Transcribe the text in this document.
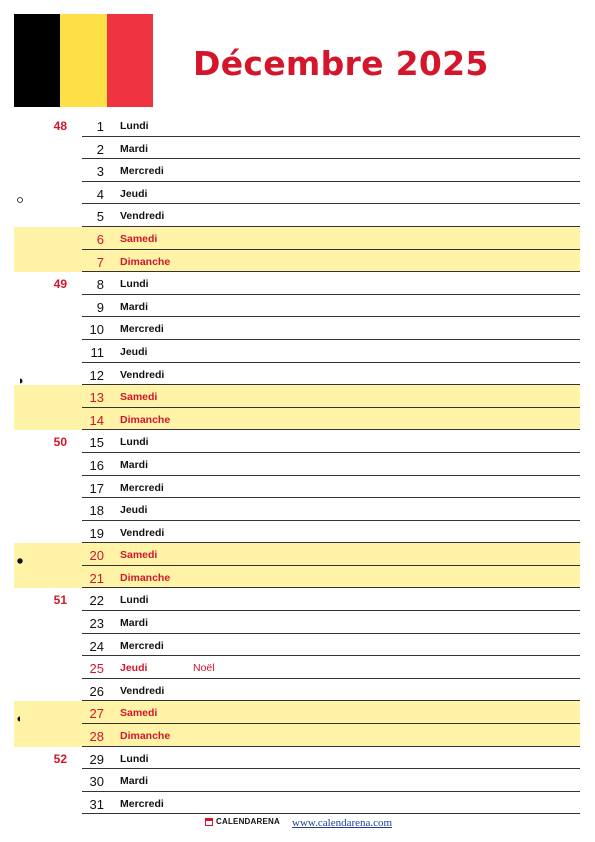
Décembre 2025
48	1 Lundi
2 Mardi
3 Mercredi
4 Jeudi
5 Vendredi
6 Samedi
7 Dimanche
49	8 Lundi
9 Mardi
10 Mercredi
11 Jeudi
12 Vendredi
13 Samedi
14 Dimanche
50	15 Lundi
16 Mardi
17 Mercredi
18 Jeudi
19 Vendredi
20 Samedi
21 Dimanche
51	22 Lundi
23 Mardi
24 Mercredi
25 Jeudi	Noël
26 Vendredi
27 Samedi
28 Dimanche
52	29 Lundi
30 Mardi
31 Mercredi
CALENDARENA www.calendarena.com
